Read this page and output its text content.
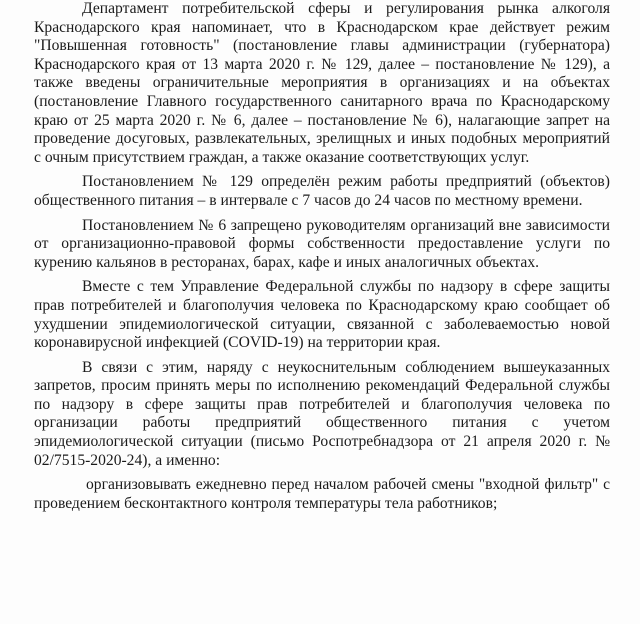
Департамент потребительской сферы и регулирования рынка алкоголя Краснодарского края напоминает, что в Краснодарском крае действует режим "Повышенная готовность" (постановление главы администрации (губернатора) Краснодарского края от 13 марта 2020 г. № 129, далее – постановление № 129), а также введены ограничительные мероприятия в организациях и на объектах (постановление Главного государственного санитарного врача по Краснодарскому краю от 25 марта 2020 г. № 6, далее – постановление № 6), налагающие запрет на проведение досуговых, развлекательных, зрелищных и иных подобных мероприятий с очным присутствием граждан, а также оказание соответствующих услуг.

Постановлением № 129 определён режим работы предприятий (объектов) общественного питания – в интервале с 7 часов до 24 часов по местному времени.

Постановлением № 6 запрещено руководителям организаций вне зависимости от организационно-правовой формы собственности предоставление услуги по курению кальянов в ресторанах, барах, кафе и иных аналогичных объектах.

Вместе с тем Управление Федеральной службы по надзору в сфере защиты прав потребителей и благополучия человека по Краснодарскому краю сообщает об ухудшении эпидемиологической ситуации, связанной с заболеваемостью новой коронавирусной инфекцией (COVID-19) на территории края.

В связи с этим, наряду с неукоснительным соблюдением вышеуказанных запретов, просим принять меры по исполнению рекомендаций Федеральной службы по надзору в сфере защиты прав потребителей и благополучия человека по организации работы предприятий общественного питания с учетом эпидемиологической ситуации (письмо Роспотребнадзора от 21 апреля 2020 г. № 02/7515-2020-24), а именно:

организовывать ежедневно перед началом рабочей смены "входной фильтр" с проведением бесконтактного контроля температуры тела работников;
